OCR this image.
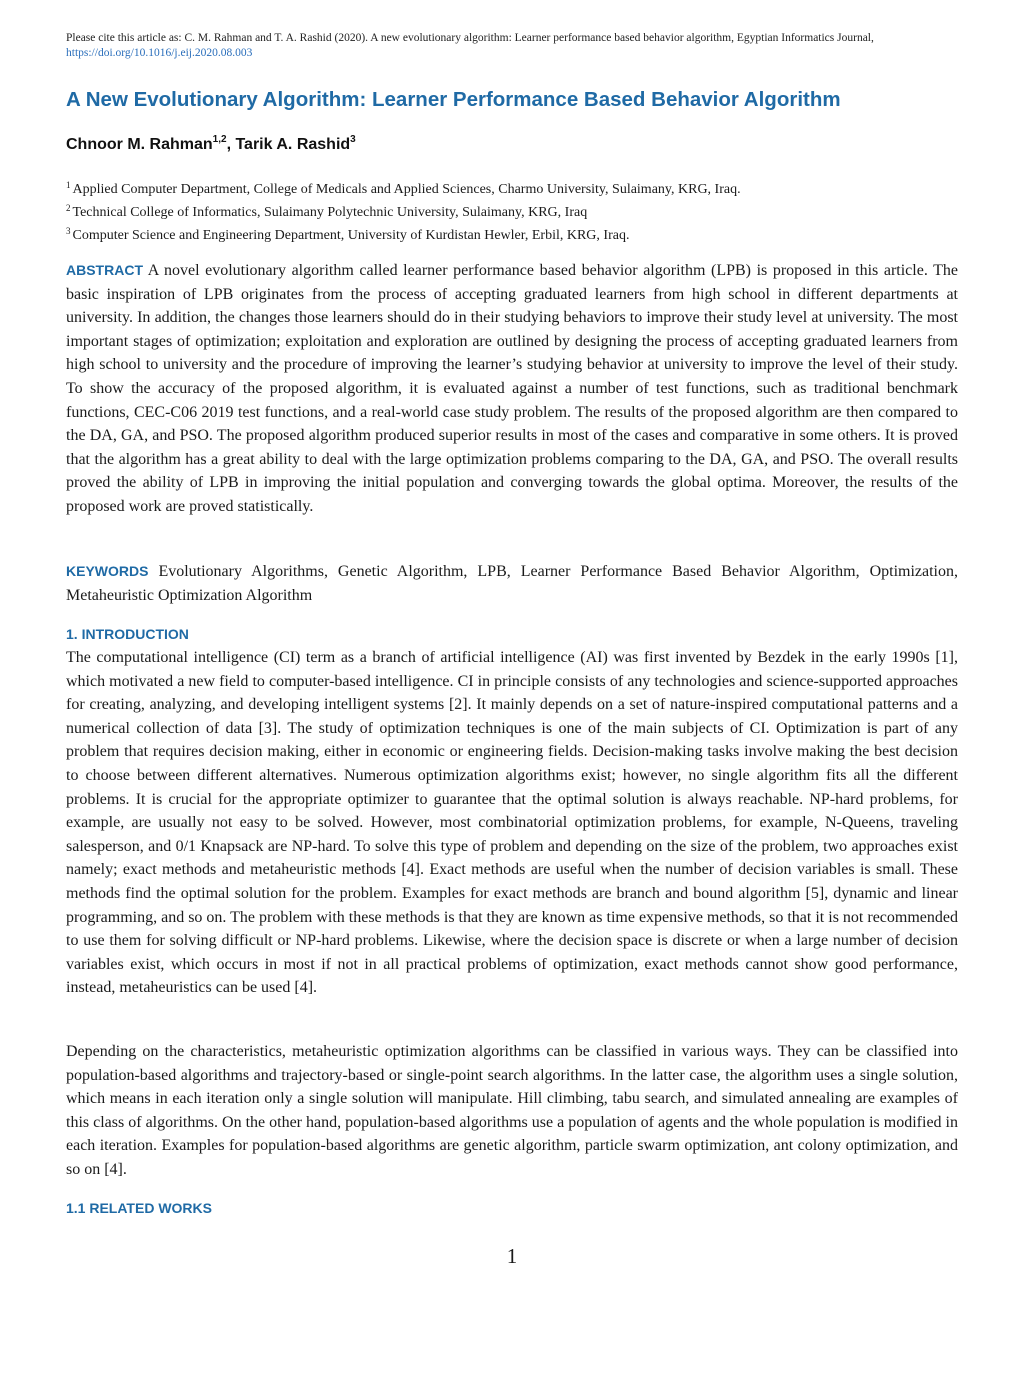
Please cite this article as: C. M. Rahman and T. A. Rashid (2020). A new evolutionary algorithm: Learner performance based behavior algorithm, Egyptian Informatics Journal, https://doi.org/10.1016/j.eij.2020.08.003
A New Evolutionary Algorithm: Learner Performance Based Behavior Algorithm
Chnoor M. Rahman$^{1,2}$, Tarik A. Rashid$^3$
$^1$ Applied Computer Department, College of Medicals and Applied Sciences, Charmo University, Sulaimany, KRG, Iraq.
$^2$ Technical College of Informatics, Sulaimany Polytechnic University, Sulaimany, KRG, Iraq
$^3$ Computer Science and Engineering Department, University of Kurdistan Hewler, Erbil, KRG, Iraq.

ABSTRACT A novel evolutionary algorithm called learner performance based behavior algorithm (LPB) is proposed in this article. The basic inspiration of LPB originates from the process of accepting graduated learners from high school in different departments at university. In addition, the changes those learners should do in their studying behaviors to improve their study level at university. The most important stages of optimization; exploitation and exploration are outlined by designing the process of accepting graduated learners from high school to university and the procedure of improving the learner’s studying behavior at university to improve the level of their study. To show the accuracy of the proposed algorithm, it is evaluated against a number of test functions, such as traditional benchmark functions, CEC-C06 2019 test functions, and a real-world case study problem. The results of the proposed algorithm are then compared to the DA, GA, and PSO. The proposed algorithm produced superior results in most of the cases and comparative in some others. It is proved that the algorithm has a great ability to deal with the large optimization problems comparing to the DA, GA, and PSO. The overall results proved the ability of LPB in improving the initial population and converging towards the global optima. Moreover, the results of the proposed work are proved statistically.

KEYWORDS Evolutionary Algorithms, Genetic Algorithm, LPB, Learner Performance Based Behavior Algorithm, Optimization, Metaheuristic Optimization Algorithm

1. INTRODUCTION

The computational intelligence (CI) term as a branch of artificial intelligence (AI) was first invented by Bezdek in the early 1990s [1], which motivated a new field to computer-based intelligence. CI in principle consists of any technologies and science-supported approaches for creating, analyzing, and developing intelligent systems [2]. It mainly depends on a set of nature-inspired computational patterns and a numerical collection of data [3]. The study of optimization techniques is one of the main subjects of CI. Optimization is part of any problem that requires decision making, either in economic or engineering fields. Decision-making tasks involve making the best decision to choose between different alternatives. Numerous optimization algorithms exist; however, no single algorithm fits all the different problems. It is crucial for the appropriate optimizer to guarantee that the optimal solution is always reachable. NP-hard problems, for example, are usually not easy to be solved. However, most combinatorial optimization problems, for example, N-Queens, traveling salesperson, and 0/1 Knapsack are NP-hard. To solve this type of problem and depending on the size of the problem, two approaches exist namely; exact methods and metaheuristic methods [4]. Exact methods are useful when the number of decision variables is small. These methods find the optimal solution for the problem. Examples for exact methods are branch and bound algorithm [5], dynamic and linear programming, and so on. The problem with these methods is that they are known as time expensive methods, so that it is not recommended to use them for solving difficult or NP-hard problems. Likewise, where the decision space is discrete or when a large number of decision variables exist, which occurs in most if not in all practical problems of optimization, exact methods cannot show good performance, instead, metaheuristics can be used [4].

Depending on the characteristics, metaheuristic optimization algorithms can be classified in various ways. They can be classified into population-based algorithms and trajectory-based or single-point search algorithms. In the latter case, the algorithm uses a single solution, which means in each iteration only a single solution will manipulate. Hill climbing, tabu search, and simulated annealing are examples of this class of algorithms. On the other hand, population-based algorithms use a population of agents and the whole population is modified in each iteration. Examples for population-based algorithms are genetic algorithm, particle swarm optimization, ant colony optimization, and so on [4].

1.1 RELATED WORKS
1
